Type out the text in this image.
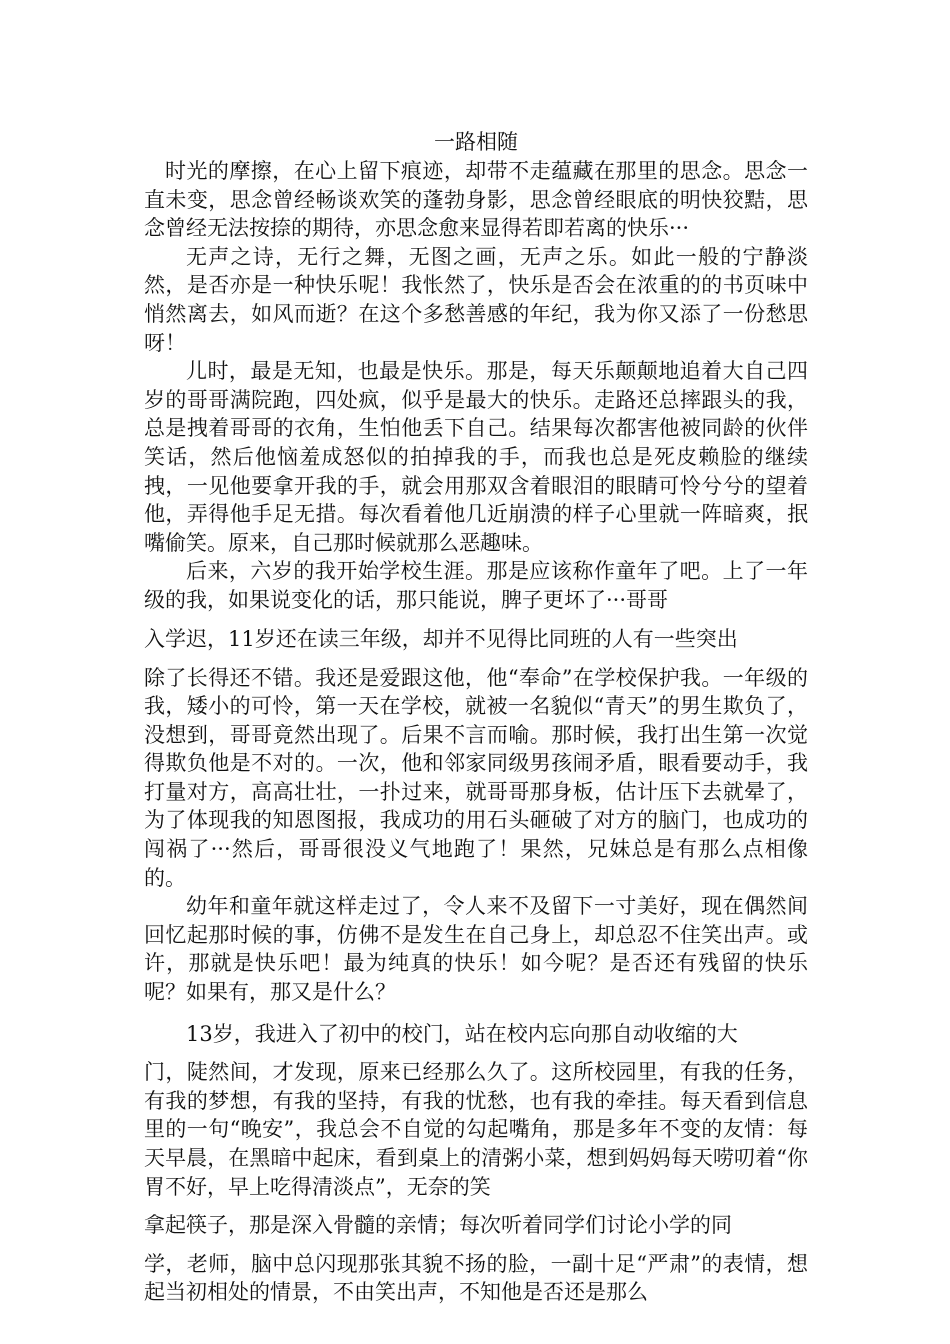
一路相随

时光的摩擦，在心上留下痕迹，却带不走蕴藏在那里的思念。思念一直未变，思念曾经畅谈欢笑的蓬勃身影，思念曾经眼底的明快狡黠，思念曾经无法按捺的期待，亦思念愈来显得若即若离的快乐···

无声之诗，无行之舞，无图之画，无声之乐。如此一般的宁静淡然，是否亦是一种快乐呢！我怅然了，快乐是否会在浓重的的书页味中悄然离去，如风而逝？在这个多愁善感的年纪，我为你又添了一份愁思呀！

儿时，最是无知，也最是快乐。那是，每天乐颠颠地追着大自己四岁的哥哥满院跑，四处疯，似乎是最大的快乐。走路还总摔跟头的我，总是拽着哥哥的衣角，生怕他丢下自己。结果每次都害他被同龄的伙伴笑话，然后他恼羞成怒似的拍掉我的手，而我也总是死皮赖脸的继续拽，一见他要拿开我的手，就会用那双含着眼泪的眼睛可怜兮兮的望着他，弄得他手足无措。每次看着他几近崩溃的样子心里就一阵暗爽，抿嘴偷笑。原来，自己那时候就那么恶趣味。

后来，六岁的我开始学校生涯。那是应该称作童年了吧。上了一年级的我，如果说变化的话，那只能说，脾子更坏了···哥哥

入学迟，11岁还在读三年级，却并不见得比同班的人有一些突出

除了长得还不错。我还是爱跟这他，他“奉命”在学校保护我。一年级的我，矮小的可怜，第一天在学校，就被一名貌似“青天”的男生欺负了，没想到，哥哥竟然出现了。后果不言而喻。那时候，我打出生第一次觉得欺负他是不对的。一次，他和邻家同级男孩闹矛盾，眼看要动手，我打量对方，高高壮壮，一扑过来，就哥哥那身板，估计压下去就晕了，为了体现我的知恩图报，我成功的用石头砸破了对方的脑门，也成功的闯祸了···然后，哥哥很没义气地跑了！果然，兄妹总是有那么点相像的。

幼年和童年就这样走过了，令人来不及留下一寸美好，现在偶然间回忆起那时候的事，仿佛不是发生在自己身上，却总忍不住笑出声。或许，那就是快乐吧！最为纯真的快乐！如今呢？是否还有残留的快乐呢？如果有，那又是什么？

13岁，我进入了初中的校门，站在校内忘向那自动收缩的大

门，陡然间，才发现，原来已经那么久了。这所校园里，有我的任务，有我的梦想，有我的坚持，有我的忧愁，也有我的牵挂。每天看到信息里的一句“晚安”，我总会不自觉的勾起嘴角，那是多年不变的友情：每天早晨，在黑暗中起床，看到桌上的清粥小菜，想到妈妈每天唠叨着“你胃不好，早上吃得清淡点”，无奈的笑

拿起筷子，那是深入骨髓的亲情；每次听着同学们讨论小学的同

学，老师，脑中总闪现那张其貌不扬的脸，一副十足“严肃”的表情，想起当初相处的情景，不由笑出声，不知他是否还是那么
